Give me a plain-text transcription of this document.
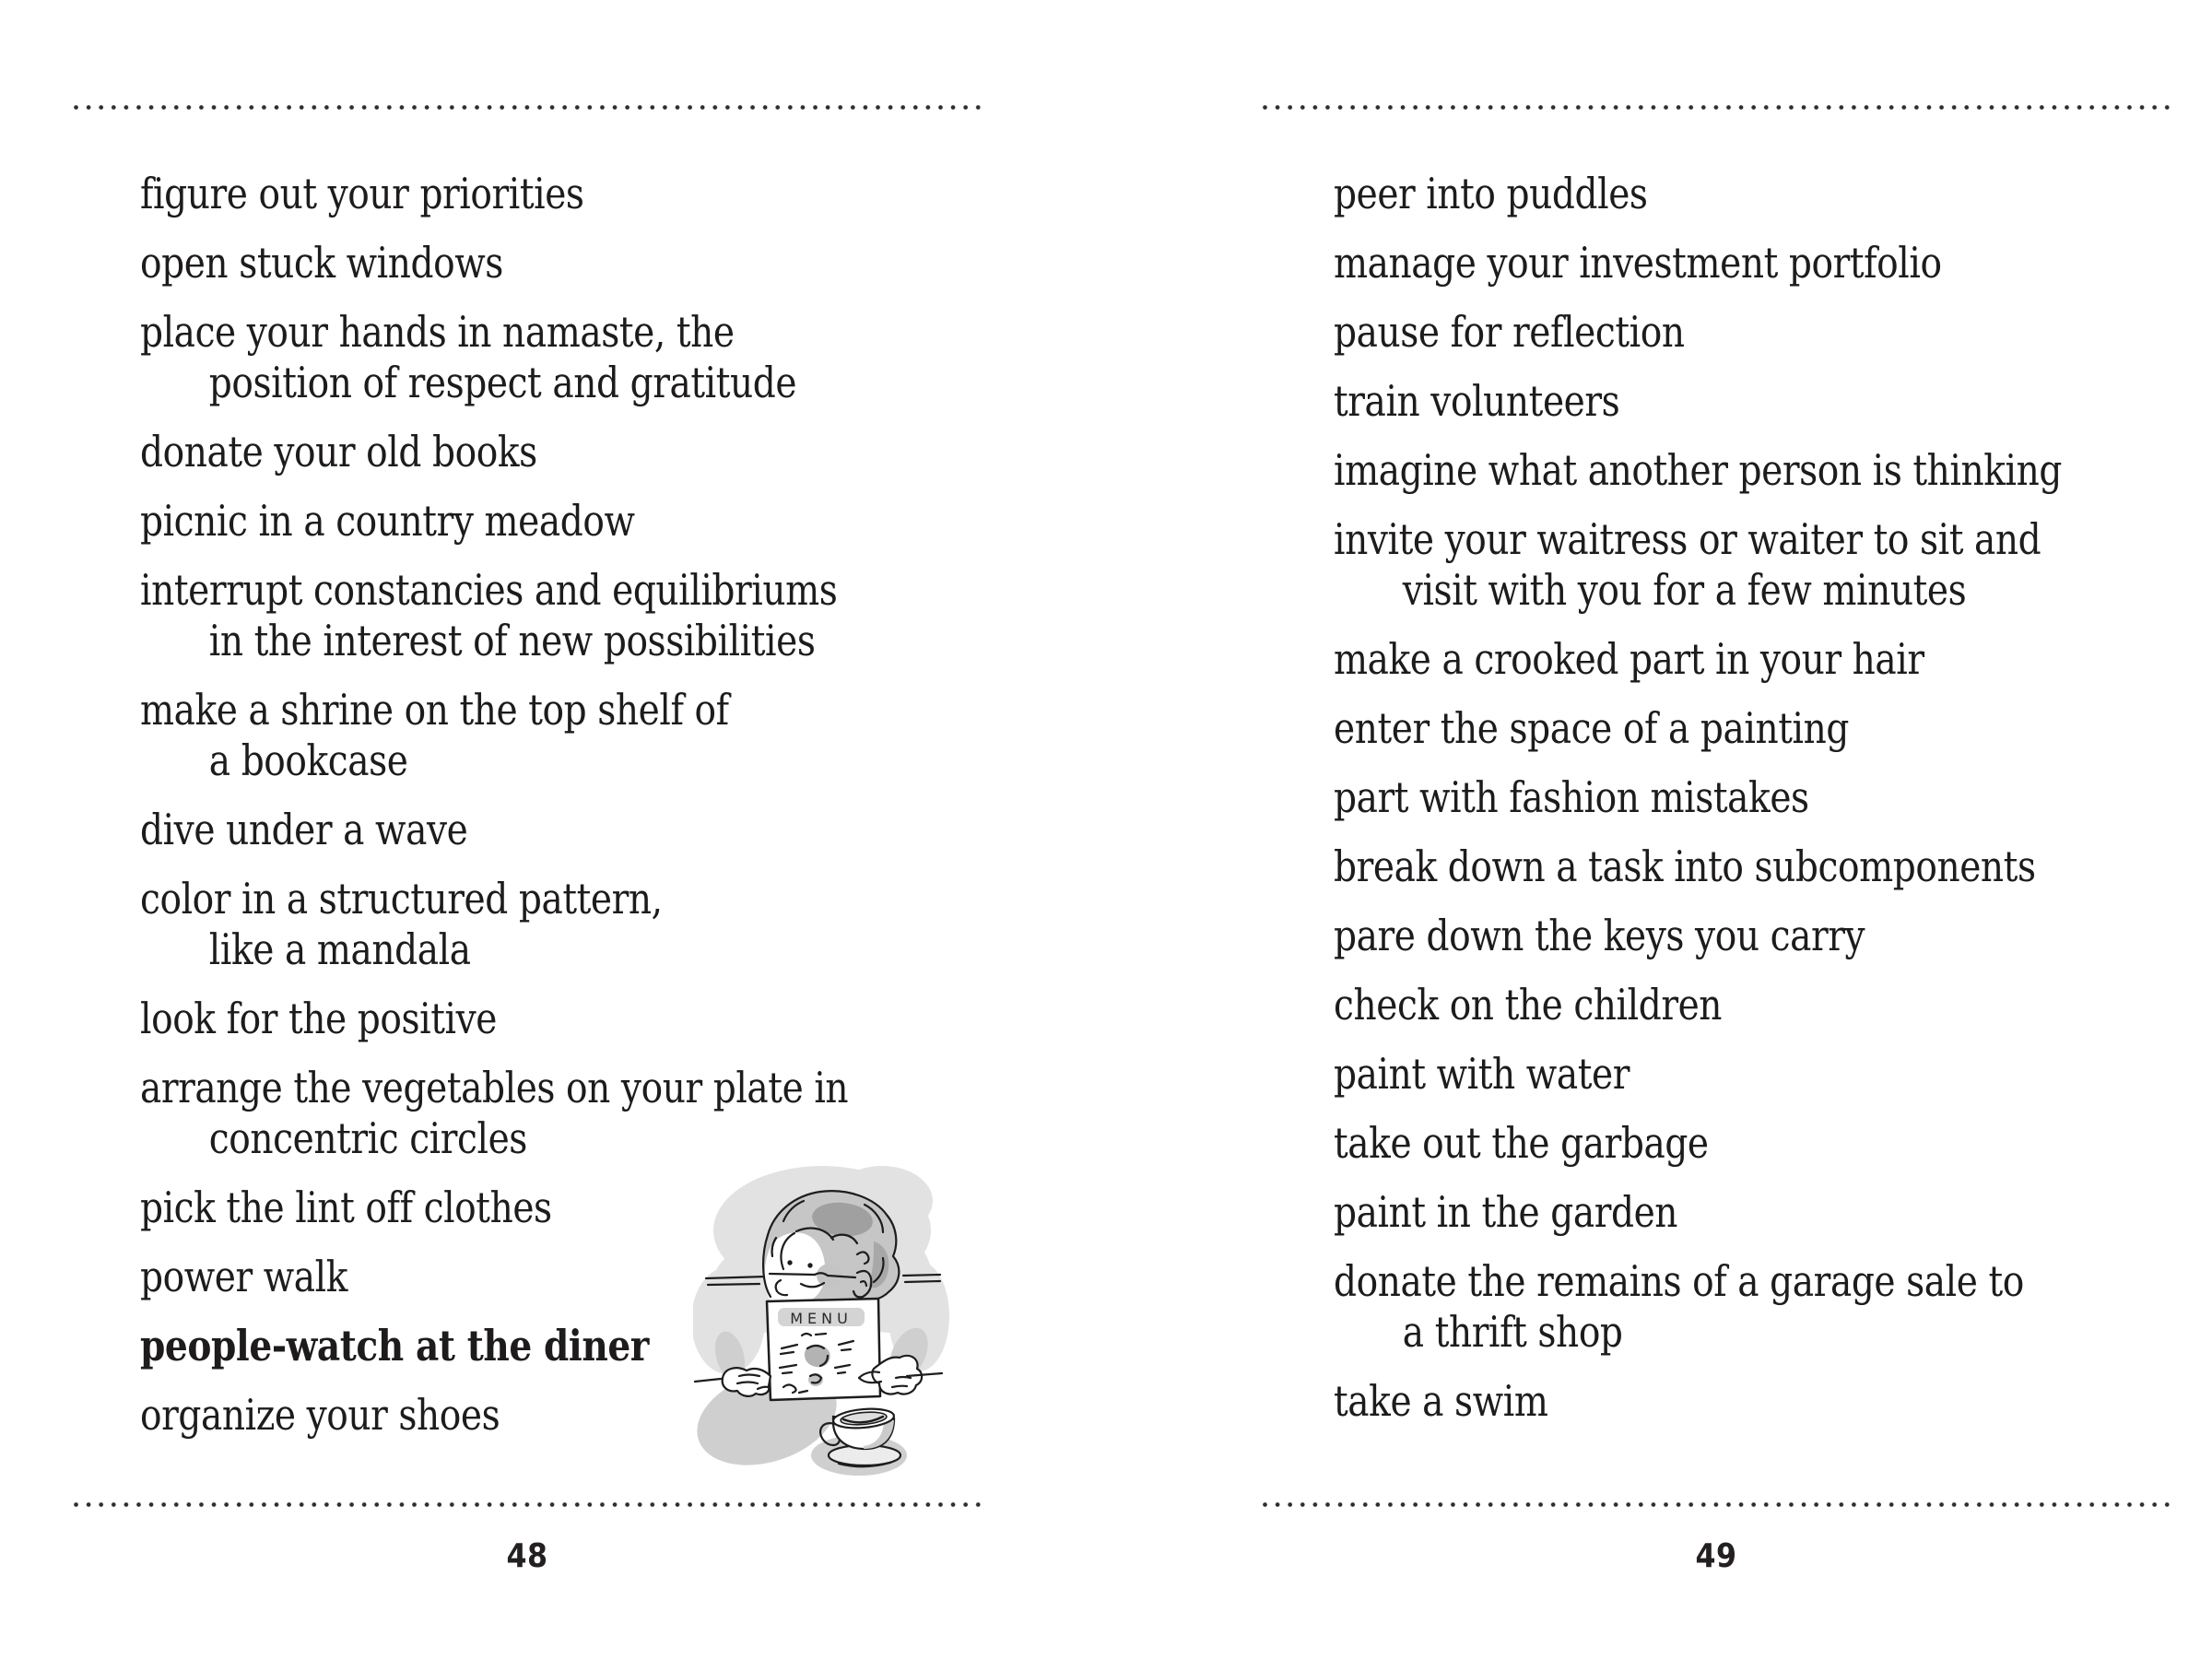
figure out your priorities
open stuck windows
place your hands in namaste, the
position of respect and gratitude
donate your old books
picnic in a country meadow
interrupt constancies and equilibriums
in the interest of new possibilities
make a shrine on the top shelf of
a bookcase
dive under a wave
color in a structured pattern,
like a mandala
look for the positive
arrange the vegetables on your plate in
concentric circles
pick the lint off clothes
power walk
people-watch at the diner
organize your shoes
48
peer into puddles
manage your investment portfolio
pause for reflection
train volunteers
imagine what another person is thinking
invite your waitress or waiter to sit and
visit with you for a few minutes
make a crooked part in your hair
enter the space of a painting
part with fashion mistakes
break down a task into subcomponents
pare down the keys you carry
check on the children
paint with water
take out the garbage
paint in the garden
donate the remains of a garage sale to
a thrift shop
take a swim
49
MENU
